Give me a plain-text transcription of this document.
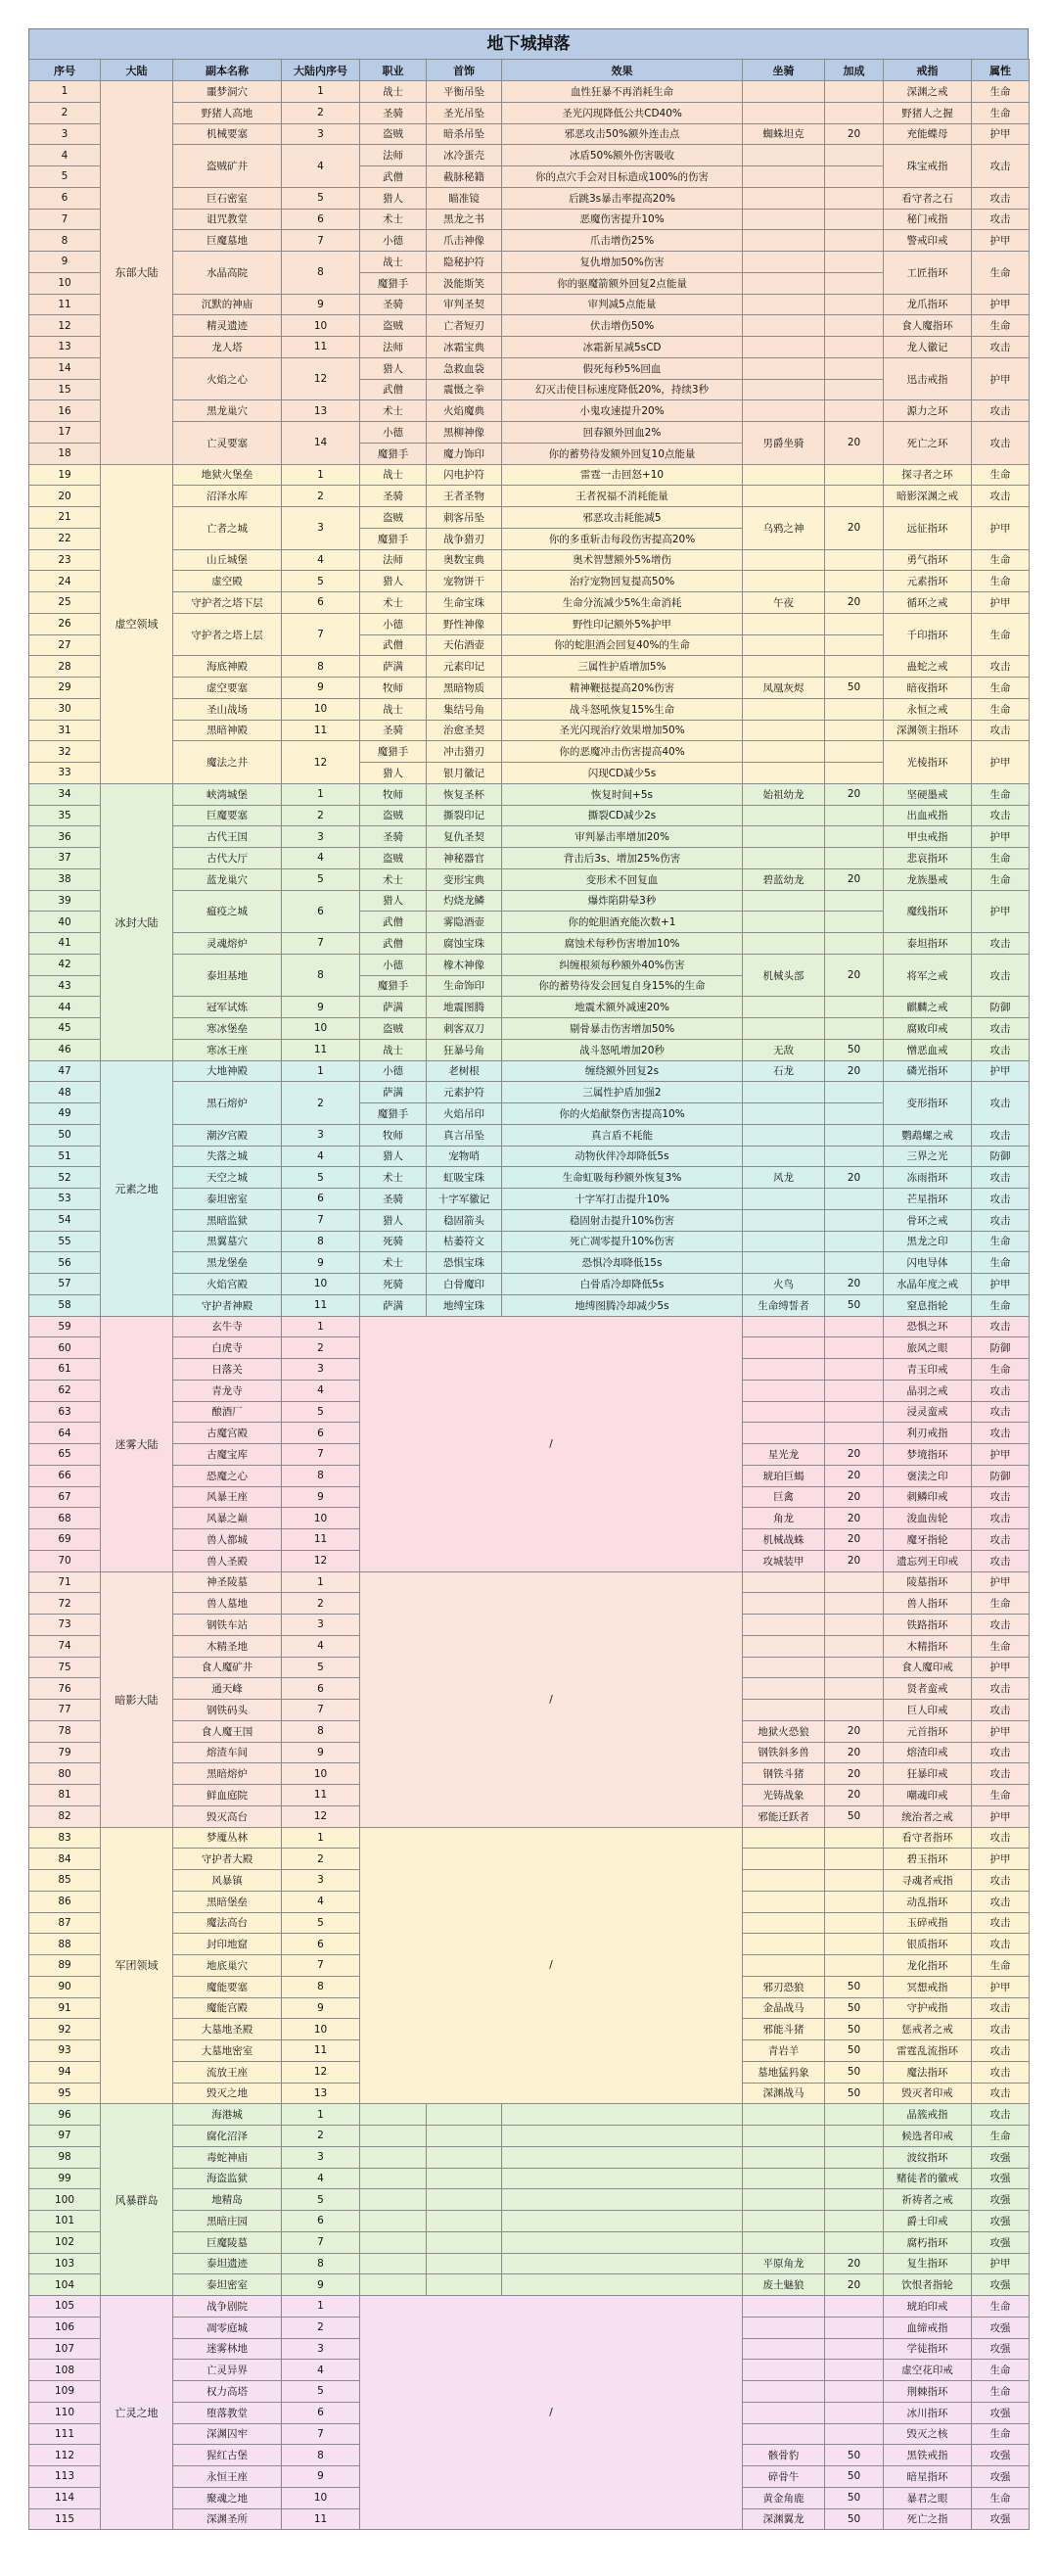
地下城掉落
序号	大陆	副本名称	大陆内序号	职业	首饰	效果	坐骑	加成	戒指	属性
1	东部大陆	噩梦洞穴	1	战士	平衡吊坠	血性狂暴不再消耗生命			深渊之戒	生命
2		野猪人高地	2	圣骑	圣光吊坠	圣光闪现降低公共CD40%			野猪人之握	生命
3		机械要塞	3	盗贼	暗杀吊坠	邪恶攻击50%额外连击点	蜘蛛坦克	20	充能蝶母	护甲
4		盗贼矿井	4	法师	冰冷蛋壳	冰盾50%额外伤害吸收			珠宝戒指	攻击
5				武僧	截脉秘籍	你的点穴手会对目标造成100%的伤害				
6		巨石密室	5	猎人	瞄准镜	后跳3s暴击率提高20%			看守者之石	攻击
7		诅咒教堂	6	术士	黑龙之书	恶魔伤害提升10%			秘门戒指	攻击
8		巨魔墓地	7	小德	爪击神像	爪击增伤25%			警戒印戒	护甲
9		水晶高院	8	战士	隐秘护符	复仇增加50%伤害			工匠指环	生命
10				魔猎手	汲能斯笑	你的驱魔箭额外回复2点能量				
11		沉默的神庙	9	圣骑	审判圣契	审判减5点能量			龙爪指环	护甲
12		精灵遗迹	10	盗贼	亡者短刃	伏击增伤50%			食人魔指环	生命
13		龙人塔	11	法师	冰霜宝典	冰霜新星减5sCD			龙人徽记	攻击
14		火焰之心	12	猎人	急救血袋	假死每秒5%回血			迅击戒指	护甲
15				武僧	震慑之拳	幻灭击使目标速度降低20%，持续3秒				
16		黑龙巢穴	13	术士	火焰魔典	小鬼攻速提升20%			源力之环	攻击
17		亡灵要塞	14	小德	黑柳神像	回春额外回血2%	男爵坐骑	20	死亡之环	攻击
18				魔猎手	魔力饰印	你的蓄势待发额外回复10点能量				
19	虚空领域	地狱火堡垒	1	战士	闪电护符	雷霆一击回怒+10			探寻者之环	生命
20		沼泽水库	2	圣骑	王者圣物	王者祝福不消耗能量			暗影深渊之戒	攻击
21		亡者之城	3	盗贼	刺客吊坠	邪恶攻击耗能减5	乌鸦之神	20	远征指环	护甲
22				魔猎手	战争猎刃	你的多重斩击每段伤害提高20%				
23		山丘城堡	4	法师	奥数宝典	奥术智慧额外5%增伤			勇气指环	生命
24		虚空殿	5	猎人	宠物饼干	治疗宠物回复提高50%			元素指环	生命
25		守护者之塔下层	6	术士	生命宝珠	生命分流减少5%生命消耗	午夜	20	循环之戒	护甲
26		守护者之塔上层	7	小德	野性神像	野性印记额外5%护甲			千印指环	生命
27				武僧	天佑酒壶	你的蛇胆酒会回复40%的生命				
28		海底神殿	8	萨满	元素印记	三属性护盾增加5%			蛊蛇之戒	攻击
29		虚空要塞	9	牧师	黑暗物质	精神鞭挞提高20%伤害	凤凰灰烬	50	暗夜指环	生命
30		圣山战场	10	战士	集结号角	战斗怒吼恢复15%生命			永恒之戒	生命
31		黑暗神殿	11	圣骑	治愈圣契	圣光闪现治疗效果增加50%			深渊领主指环	攻击
32		魔法之井	12	魔猎手	冲击猎刃	你的恶魔冲击伤害提高40%			光棱指环	护甲
33				猎人	银月徽记	闪现CD减少5s				
34	冰封大陆	峡湾城堡	1	牧师	恢复圣杯	恢复时间+5s	始祖幼龙	20	坚硬墨戒	生命
35		巨魔要塞	2	盗贼	撕裂印记	撕裂CD减少2s			出血戒指	攻击
36		古代王国	3	圣骑	复仇圣契	审判暴击率增加20%			甲虫戒指	护甲
37		古代大厅	4	盗贼	神秘器官	背击后3s、增加25%伤害			悲哀指环	生命
38		蓝龙巢穴	5	术士	变形宝典	变形术不回复血	碧蓝幼龙	20	龙族墨戒	生命
39		瘟疫之城	6	猎人	灼烧龙鳞	爆炸陷阱晕3秒			魔线指环	护甲
40				武僧	雾隐酒壶	你的蛇胆酒充能次数+1				
41		灵魂熔炉	7	武僧	腐蚀宝珠	腐蚀术每秒伤害增加10%			泰坦指环	攻击
42		泰坦基地	8	小德	橡木神像	纠缠根须每秒额外40%伤害	机械头部	20	将军之戒	攻击
43				魔猎手	生命饰印	你的蓄势待发会回复自身15%的生命				
44		冠军试炼	9	萨满	地震图腾	地震术额外减速20%			麒麟之戒	防御
45		寒冰堡垒	10	盗贼	刺客双刀	剔骨暴击伤害增加50%			腐败印戒	攻击
46		寒冰王座	11	战士	狂暴号角	战斗怒吼增加20秒	无敌	50	憎恶血戒	攻击
47	元素之地	大地神殿	1	小德	老树根	缠绕额外回复2s	石龙	20	磷光指环	护甲
48		黑石熔炉	2	萨满	元素护符	三属性护盾加强2			变形指环	攻击
49				魔猎手	火焰吊印	你的火焰献祭伤害提高10%				
50		潮汐宫殿	3	牧师	真言吊坠	真言盾不耗能			鹦鹉螺之戒	攻击
51		失落之城	4	猎人	宠物哨	动物伙伴冷却降低5s			三界之光	防御
52		天空之城	5	术士	虹吸宝珠	生命虹吸每秒额外恢复3%	风龙	20	冻雨指环	攻击
53		泰坦密室	6	圣骑	十字军徽记	十字军打击提升10%			芒星指环	攻击
54		黑暗监狱	7	猎人	稳固箭头	稳固射击提升10%伤害			骨环之戒	攻击
55		黑翼墓穴	8	死骑	枯萎符文	死亡凋零提升10%伤害			黑龙之印	生命
56		黑龙堡垒	9	术士	恐惧宝珠	恐惧冷却降低15s			闪电导体	生命
57		火焰宫殿	10	死骑	白骨魔印	白骨盾冷却降低5s	火鸟	20	水晶年度之戒	护甲
58		守护者神殿	11	萨满	地缚宝珠	地缚图腾冷却减少5s	生命缚誓者	50	窒息指轮	生命
59	迷雾大陆	玄牛寺	1	/					恐惧之环	攻击
60		白虎寺	2						旅风之眼	防御
61		日落关	3						青玉印戒	生命
62		青龙寺	4						晶羽之戒	攻击
63		酿酒厂	5						浸灵蛮戒	攻击
64		古魔宫殿	6						利刃戒指	攻击
65		古魔宝库	7				星光龙	20	梦境指环	护甲
66		恐魔之心	8				琥珀巨蝎	20	褒渎之印	防御
67		风暴王座	9				巨禽	20	刺鳞印戒	攻击
68		风暴之巅	10				角龙	20	浚血齿轮	攻击
69		兽人都城	11				机械战蛛	20	魔牙指轮	攻击
70		兽人圣殿	12				攻城装甲	20	遗忘列王印戒	攻击
71	暗影大陆	神圣陵墓	1	/					陵墓指环	护甲
72		兽人墓地	2						兽人指环	生命
73		钢铁车站	3						铁路指环	攻击
74		木精圣地	4						木精指环	生命
75		食人魔矿井	5						食人魔印戒	护甲
76		通天峰	6						贤者蛮戒	攻击
77		钢铁码头	7						巨人印戒	攻击
78		食人魔王国	8				地狱火恐狼	20	元首指环	护甲
79		熔渣车间	9				钢铁斜多兽	20	熔渣印戒	攻击
80		黑暗熔炉	10				钢铁斗猪	20	狂暴印戒	攻击
81		鲜血庭院	11				光铸战象	20	嘲魂印戒	生命
82		毁灭高台	12				邪能迁跃者	50	统治者之戒	护甲
83	军团领域	梦魇丛林	1	/					看守者指环	攻击
84		守护者大殿	2						碧玉指环	护甲
85		风暴镇	3						寻魂者戒指	攻击
86		黑暗堡垒	4						动乱指环	攻击
87		魔法高台	5						玉碎戒指	攻击
88		封印地窟	6						银质指环	攻击
89		地底巢穴	7						龙化指环	生命
90		魔能要塞	8				邪刃恐狼	50	冥想戒指	护甲
91		魔能宫殿	9				金晶战马	50	守护戒指	攻击
92		大墓地圣殿	10				邪能斗猪	50	惩戒者之戒	攻击
93		大墓地密室	11				青岩羊	50	雷霆乱流指环	攻击
94		流放王座	12				墓地猛犸象	50	魔法指环	攻击
95		毁灭之地	13				深渊战马	50	毁灭者印戒	攻击
96	风暴群岛	海港城	1						晶簇戒指	攻击
97		腐化沼泽	2						候选者印戒	生命
98		毒蛇神庙	3						波纹指环	攻强
99		海盗监狱	4						赌徒者的徽戒	攻强
100		地精岛	5						祈祷者之戒	攻强
101		黑暗庄园	6						爵士印戒	攻强
102		巨魔陵墓	7						腐朽指环	攻强
103		泰坦遗迹	8				平原角龙	20	复生指环	护甲
104		泰坦密室	9				废土魅狼	20	饮恨者指轮	攻强
105	亡灵之地	战争剧院	1	/					琥珀印戒	生命
106		凋零庭城	2						血缔戒指	攻强
107		迷雾林地	3						学徒指环	攻强
108		亡灵异界	4						虚空花印戒	生命
109		权力高塔	5						荆棘指环	生命
110		堕落教堂	6						冰川指环	攻强
111		深渊囚牢	7						毁灭之核	生命
112		猩红古堡	8				骸骨豹	50	黑铁戒指	攻强
113		永恒王座	9				碎骨牛	50	暗星指环	攻强
114		聚魂之地	10				黄金角鹿	50	暴君之眼	生命
115		深渊圣所	11				深渊翼龙	50	死亡之指	攻强
